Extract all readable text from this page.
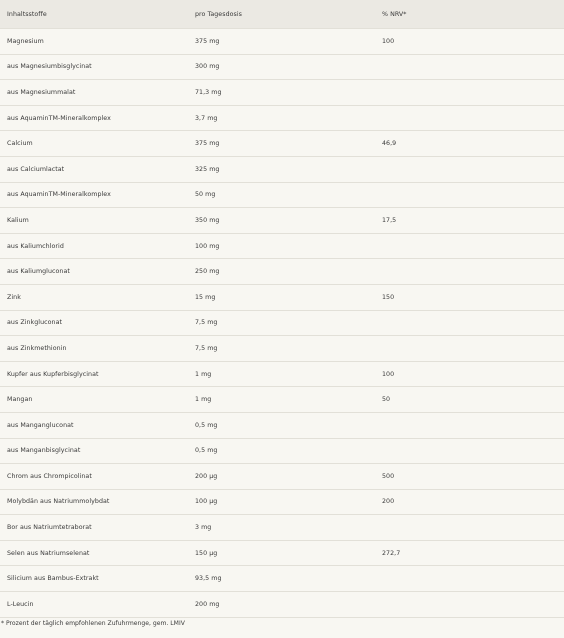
Inhaltsstoffe	pro Tagesdosis	% NRV*
Magnesium	375 mg	100
aus Magnesiumbisglycinat	300 mg
aus Magnesiummalat	71,3 mg
aus AquaminTM-Mineralkomplex	3,7 mg
Calcium	375 mg	46,9
aus Calciumlactat	325 mg
aus AquaminTM-Mineralkomplex	50 mg
Kalium	350 mg	17,5
aus Kaliumchlorid	100 mg
aus Kaliumgluconat	250 mg
Zink	15 mg	150
aus Zinkgluconat	7,5 mg
aus Zinkmethionin	7,5 mg
Kupfer aus Kupferbisglycinat	1 mg	100
Mangan	1 mg	50
aus Mangangluconat	0,5 mg
aus Manganbisglycinat	0,5 mg
Chrom aus Chrompicolinat	200 µg	500
Molybdän aus Natriummolybdat	100 µg	200
Bor aus Natriumtetraborat	3 mg
Selen aus Natriumselenat	150 µg	272,7
Silicium aus Bambus-Extrakt	93,5 mg
L-Leucin	200 mg
* Prozent der täglich empfohlenen Zufuhrmenge, gem. LMIV
